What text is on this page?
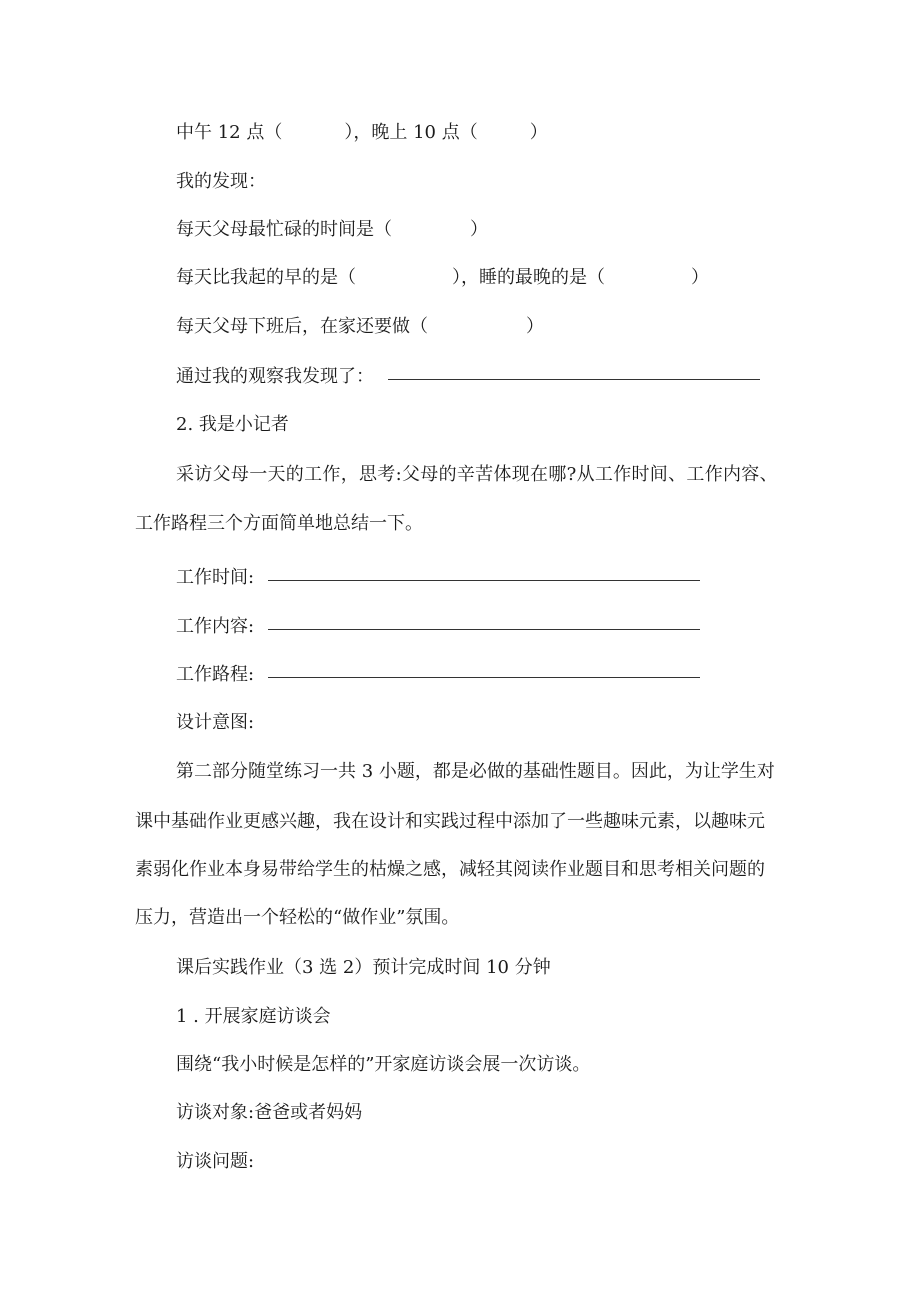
中午 12 点（	），晚上 10 点（	）
我的发现：
每天父母最忙碌的时间是（	）
每天比我起的早的是（	），睡的最晚的是（	）
每天父母下班后，在家还要做（	）
通过我的观察我发现了：
2. 我是小记者
采访父母一天的工作，思考:父母的辛苦体现在哪?从工作时间、工作内容、
工作路程三个方面简单地总结一下。
工作时间:
工作内容:
工作路程:
设计意图:
第二部分随堂练习一共 3 小题，都是必做的基础性题目。因此，为让学生对
课中基础作业更感兴趣，我在设计和实践过程中添加了一些趣味元素，以趣味元
素弱化作业本身易带给学生的枯燥之感，减轻其阅读作业题目和思考相关问题的
压力，营造出一个轻松的“做作业”氛围。
课后实践作业（3 选 2）预计完成时间 10 分钟
1 . 开展家庭访谈会
围绕“我小时候是怎样的”开家庭访谈会展一次访谈。
访谈对象:爸爸或者妈妈
访谈问题:
